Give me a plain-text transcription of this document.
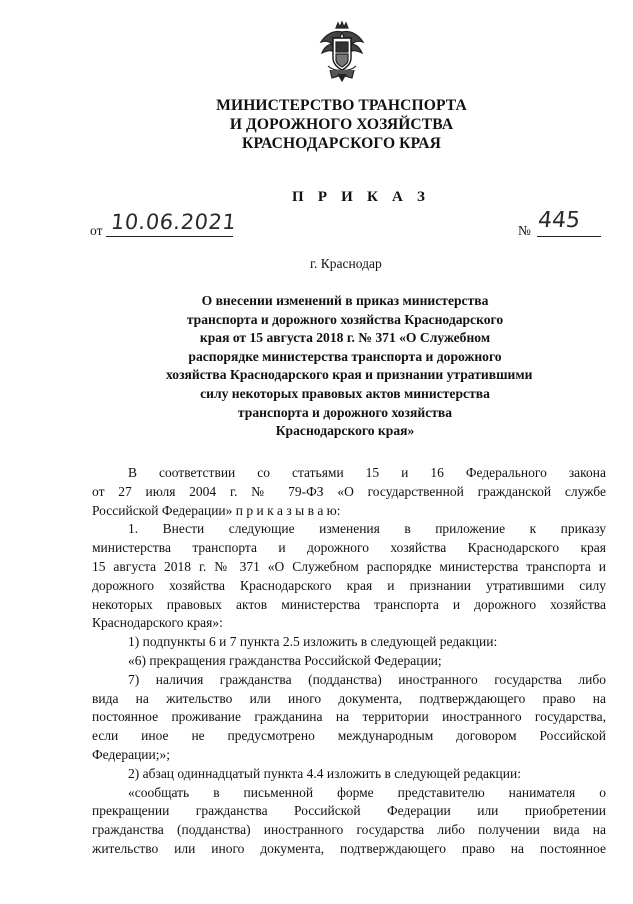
МИНИСТЕРСТВО ТРАНСПОРТА
И ДОРОЖНОГО ХОЗЯЙСТВА
КРАСНОДАРСКОГО КРАЯ
П Р И К А З
от 10.06.2021	№ 445
г. Краснодар
О внесении изменений в приказ министерства
транспорта и дорожного хозяйства Краснодарского
края от 15 августа 2018 г. № 371 «О Служебном
распорядке министерства транспорта и дорожного
хозяйства Краснодарского края и признании утратившими
силу некоторых правовых актов министерства
транспорта и дорожного хозяйства
Краснодарского края»
В соответствии со статьями 15 и 16 Федерального закона
от 27 июля 2004 г. № 79-ФЗ «О государственной гражданской службе
Российской Федерации» п р и к а з ы в а ю:
1. Внести следующие изменения в приложение к приказу
министерства транспорта и дорожного хозяйства Краснодарского края
15 августа 2018 г. № 371 «О Служебном распорядке министерства транспорта и
дорожного хозяйства Краснодарского края и признании утратившими силу
некоторых правовых актов министерства транспорта и дорожного хозяйства
Краснодарского края»:
1) подпункты 6 и 7 пункта 2.5 изложить в следующей редакции:
«6) прекращения гражданства Российской Федерации;
7) наличия гражданства (подданства) иностранного государства либо
вида на жительство или иного документа, подтверждающего право на
постоянное проживание гражданина на территории иностранного государства,
если иное не предусмотрено международным договором Российской
Федерации;»;
2) абзац одиннадцатый пункта 4.4 изложить в следующей редакции:
«сообщать в письменной форме представителю нанимателя о
прекращении гражданства Российской Федерации или приобретении
гражданства (подданства) иностранного государства либо получении вида на
жительство или иного документа, подтверждающего право на постоянное
